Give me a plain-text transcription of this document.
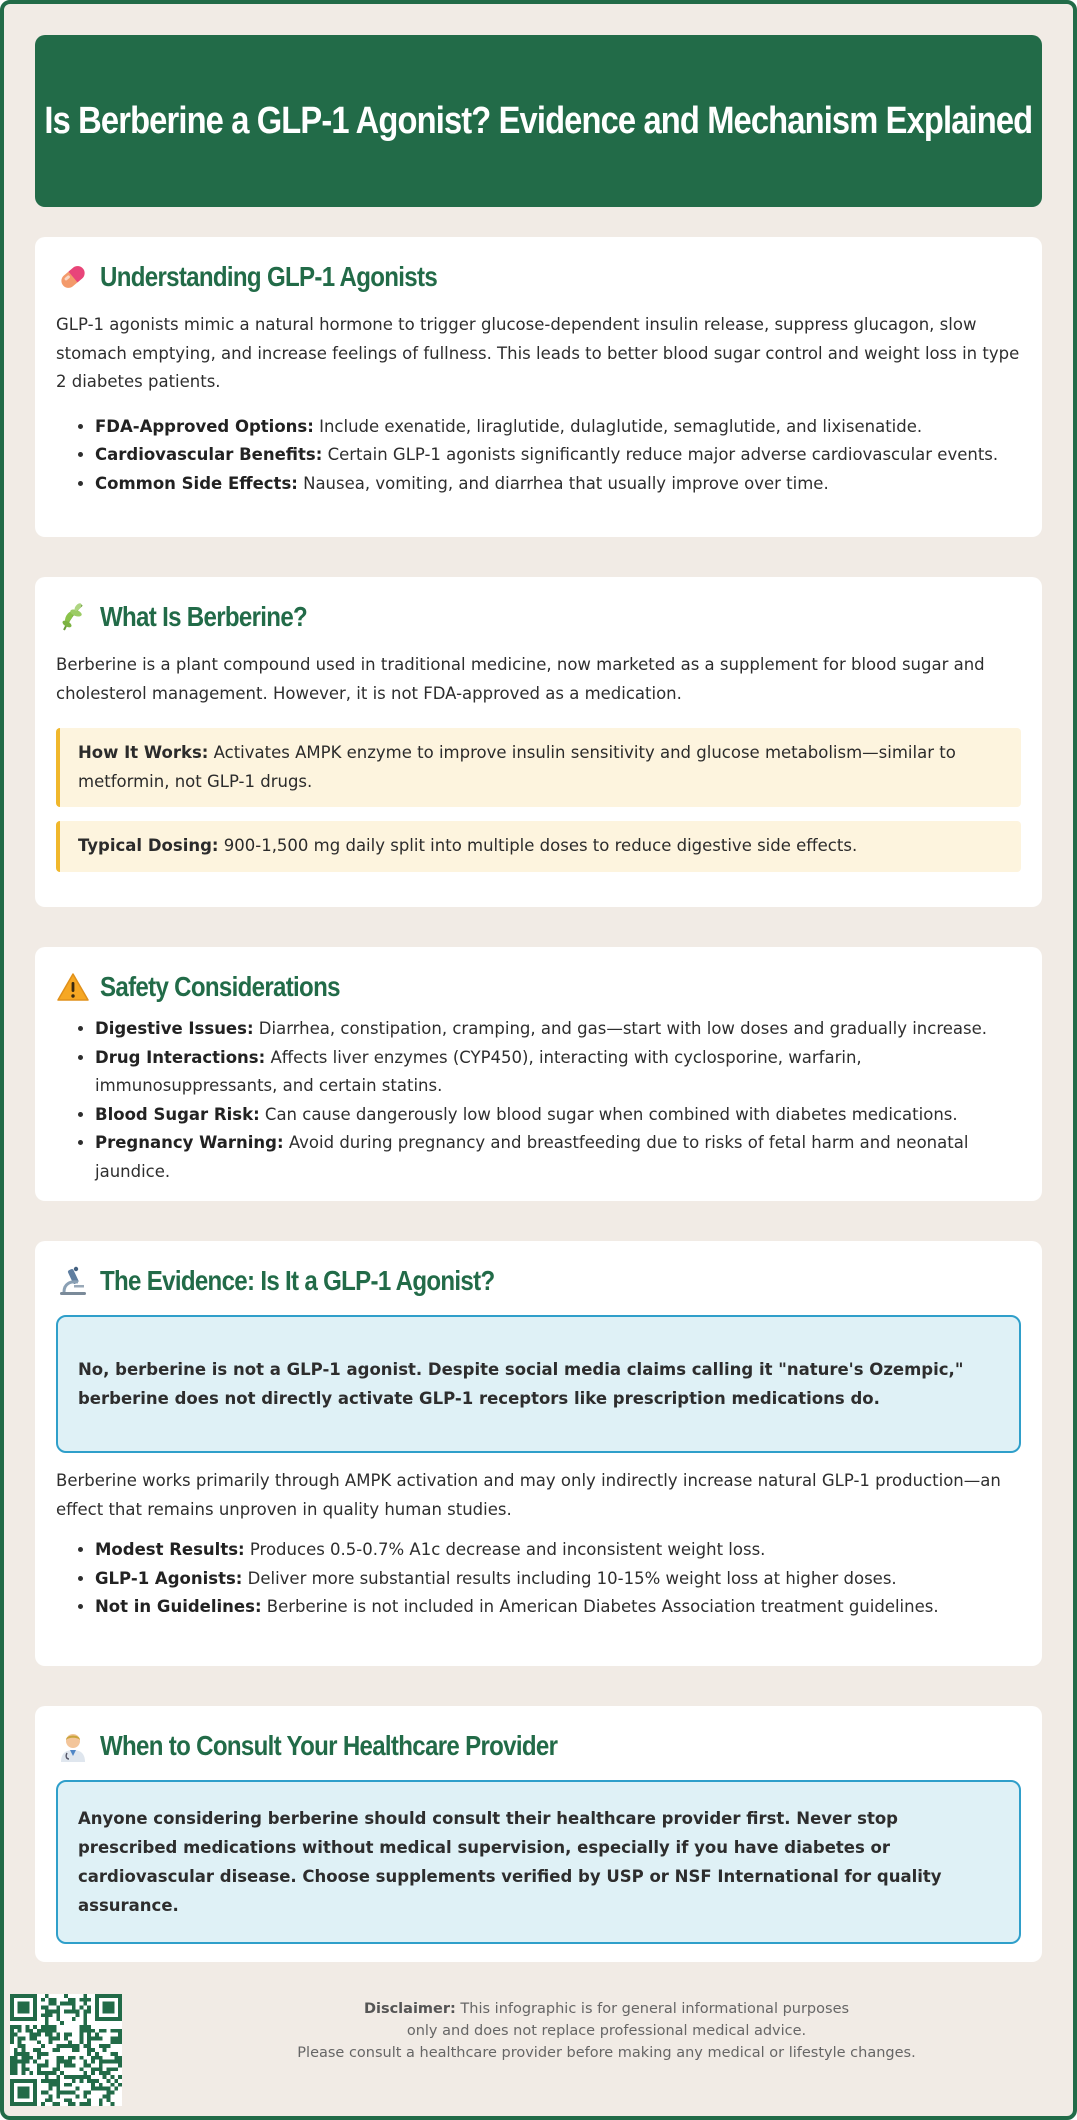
Is Berberine a GLP-1 Agonist? Evidence and Mechanism Explained
Understanding GLP-1 Agonists

GLP-1 agonists mimic a natural hormone to trigger glucose-dependent insulin release, suppress glucagon, slow stomach emptying, and increase feelings of fullness. This leads to better blood sugar control and weight loss in type 2 diabetes patients.

• FDA-Approved Options: Include exenatide, liraglutide, dulaglutide, semaglutide, and lixisenatide.
• Cardiovascular Benefits: Certain GLP-1 agonists significantly reduce major adverse cardiovascular events.
• Common Side Effects: Nausea, vomiting, and diarrhea that usually improve over time.
What Is Berberine?

Berberine is a plant compound used in traditional medicine, now marketed as a supplement for blood sugar and cholesterol management. However, it is not FDA-approved as a medication.

How It Works: Activates AMPK enzyme to improve insulin sensitivity and glucose metabolism—similar to metformin, not GLP-1 drugs.
Typical Dosing: 900-1,500 mg daily split into multiple doses to reduce digestive side effects.
Safety Considerations
• Digestive Issues: Diarrhea, constipation, cramping, and gas—start with low doses and gradually increase.
• Drug Interactions: Affects liver enzymes (CYP450), interacting with cyclosporine, warfarin, immunosuppressants, and certain statins.
• Blood Sugar Risk: Can cause dangerously low blood sugar when combined with diabetes medications.
• Pregnancy Warning: Avoid during pregnancy and breastfeeding due to risks of fetal harm and neonatal jaundice.
The Evidence: Is It a GLP-1 Agonist?
No, berberine is not a GLP-1 agonist. Despite social media claims calling it "nature's Ozempic," berberine does not directly activate GLP-1 receptors like prescription medications do.

Berberine works primarily through AMPK activation and may only indirectly increase natural GLP-1 production—an effect that remains unproven in quality human studies.

• Modest Results: Produces 0.5-0.7% A1c decrease and inconsistent weight loss.
• GLP-1 Agonists: Deliver more substantial results including 10-15% weight loss at higher doses.
• Not in Guidelines: Berberine is not included in American Diabetes Association treatment guidelines.
When to Consult Your Healthcare Provider
Anyone considering berberine should consult their healthcare provider first. Never stop prescribed medications without medical supervision, especially if you have diabetes or cardiovascular disease. Choose supplements verified by USP or NSF International for quality assurance.
Disclaimer: This infographic is for general informational purposes
only and does not replace professional medical advice.
Please consult a healthcare provider before making any medical or lifestyle changes.
